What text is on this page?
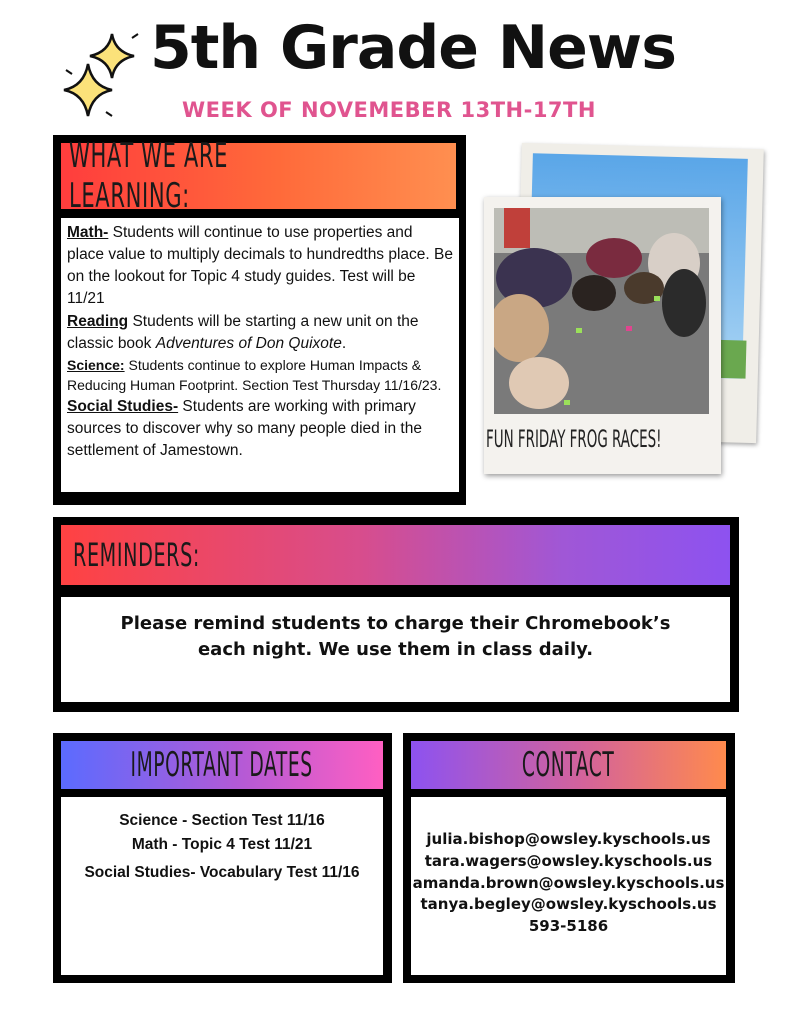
5th Grade News
WEEK OF NOVEMEBER 13TH-17TH
WHAT WE ARE LEARNING:

Math- Students will continue to use properties and place value to multiply decimals to hundredths place. Be on the lookout for Topic 4 study guides. Test will be 11/21

Reading Students will be starting a new unit on the classic book Adventures of Don Quixote.

Science: Students continue to explore Human Impacts & Reducing Human Footprint. Section Test Thursday 11/16/23.

Social Studies- Students are working with primary sources to discover why so many people died in the settlement of Jamestown.	FUN FRIDAY FROG RACES!
REMINDERS:
Please remind students to charge their Chromebook’s each night. We use them in class daily.
IMPORTANT DATES
Science - Section Test 11/16
Math - Topic 4 Test 11/21
Social Studies- Vocabulary Test 11/16
CONTACT
julia.bishop@owsley.kyschools.us
tara.wagers@owsley.kyschools.us
amanda.brown@owsley.kyschools.us
tanya.begley@owsley.kyschools.us
593-5186
